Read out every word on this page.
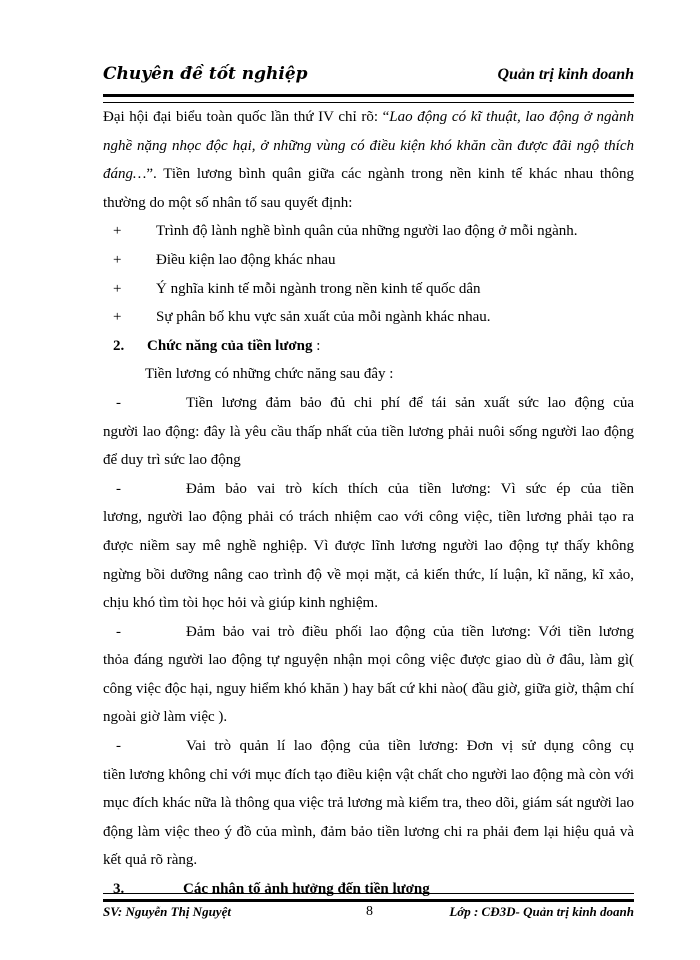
Chuyên đề tốt nghiệp	Quản trị kinh doanh

Đại hội đại biểu toàn quốc lần thứ IV chỉ rõ: “Lao động có kĩ thuật, lao động ở ngành nghề nặng nhọc độc hại, ở những vùng có điều kiện khó khăn cần được đãi ngộ thích đáng…”. Tiền lương bình quân giữa các ngành trong nền kinh tế khác nhau thông thường do một số nhân tố sau quyết định:

+ Trình độ lành nghề bình quân của những người lao động ở mỗi ngành.

+ Điều kiện lao động khác nhau

+ Ý nghĩa kinh tế mỗi ngành trong nền kinh tế quốc dân

+ Sự phân bố khu vực sản xuất của mỗi ngành khác nhau.

2. Chức năng của tiền lương :

Tiền lương có những chức năng sau đây :

-	Tiền lương đảm bảo đủ chi phí để tái sản xuất sức lao động của
người lao động: đây là yêu cầu thấp nhất của tiền lương phải nuôi sống người lao động để duy trì sức lao động

-	Đảm bảo vai trò kích thích của tiền lương: Vì sức ép của tiền
lương, người lao động phải có trách nhiệm cao với công việc, tiền lương phải tạo ra được niềm say mê nghề nghiệp. Vì được lĩnh lương người lao động tự thấy không ngừng bồi dưỡng nâng cao trình độ về mọi mặt, cả kiến thức, lí luận, kĩ năng, kĩ xảo, chịu khó tìm tòi học hỏi và giúp kinh nghiệm.

-	Đảm bảo vai trò điều phối lao động của tiền lương: Với tiền lương
thỏa đáng người lao động tự nguyện nhận mọi công việc được giao dù ở đâu, làm gì( công việc độc hại, nguy hiểm khó khăn ) hay bất cứ khi nào( đầu giờ, giữa giờ, thậm chí ngoài giờ làm việc ).

-	Vai trò quản lí lao động của tiền lương: Đơn vị sử dụng công cụ
tiền lương không chỉ với mục đích tạo điều kiện vật chất cho người lao động mà còn với mục đích khác nữa là thông qua việc trả lương mà kiểm tra, theo dõi, giám sát người lao động làm việc theo ý đồ của mình, đảm bảo tiền lương chi ra phải đem lại hiệu quả và kết quả rõ ràng.

3.	Các nhân tố ảnh hưởng đến tiền lương

SV: Nguyễn Thị Nguyệt	8	Lớp : CĐ3D- Quản trị kinh doanh
